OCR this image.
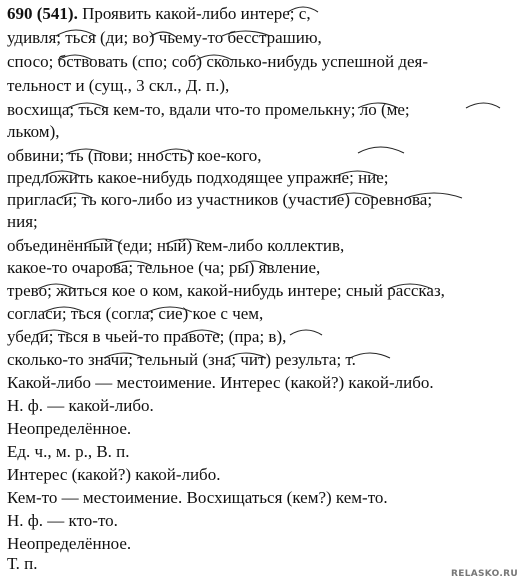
690 (541). Проявить какой-либо интере; с,
удивля; ться (ди; во) чьему-то бесстрашию,
спосо; бствовать (спо; соб) сколько-нибудь успешной дея-
тельност и (сущ., 3 скл., Д. п.),
восхища; ться кем-то, вдали что-то промелькну; ло (ме;
льком),
обвини; ть (пови; нность) кое-кого,
предложить какое-нибудь подходящее упражне; ние;
пригласи; ть кого-либо из участников (участие) соревнова;
ния;
объединённый (еди; ный) кем-либо коллектив,
какое-то очарова; тельное (ча; ры) явление,
трево; житься кое о ком, какой-нибудь интере; сный рассказ,
согласи; ться (согла; сие) кое с чем,
убеди; ться в чьей-то правоте; (пра; в),
сколько-то значи; тельный (зна; чит) результа; т.
Какой-либо — местоимение. Интерес (какой?) какой-либо.
Н. ф. — какой-либо.
Неопределённое.
Ед. ч., м. р., В. п.
Интерес (какой?) какой-либо.
Кем-то — местоимение. Восхищаться (кем?) кем-то.
Н. ф. — кто-то.
Неопределённое.
Т. п.
RELASKO.RU
